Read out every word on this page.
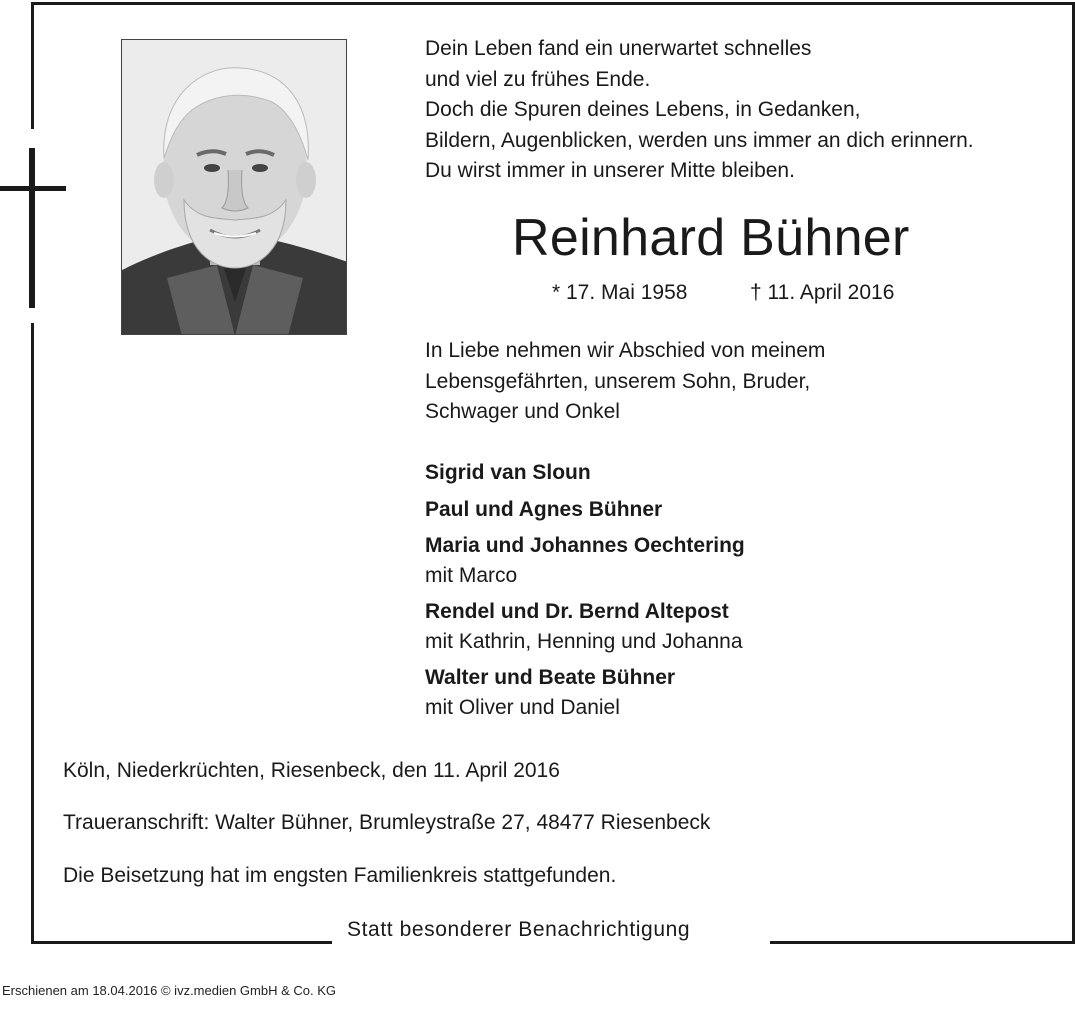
Dein Leben fand ein unerwartet schnelles
und viel zu frühes Ende.
Doch die Spuren deines Lebens, in Gedanken,
Bildern, Augenblicken, werden uns immer an dich erinnern.
Du wirst immer in unserer Mitte bleiben.
Reinhard Bühner
* 17. Mai 1958	† 11. April 2016
In Liebe nehmen wir Abschied von meinem
Lebensgefährten, unserem Sohn, Bruder,
Schwager und Onkel
Sigrid van Sloun
Paul und Agnes Bühner
Maria und Johannes Oechtering
mit Marco
Rendel und Dr. Bernd Altepost
mit Kathrin, Henning und Johanna
Walter und Beate Bühner
mit Oliver und Daniel
Köln, Niederkrüchten, Riesenbeck, den 11. April 2016
Traueranschrift: Walter Bühner, Brumleystraße 27, 48477 Riesenbeck
Die Beisetzung hat im engsten Familienkreis stattgefunden.
Statt besonderer Benachrichtigung
Erschienen am 18.04.2016 © ivz.medien GmbH & Co. KG
